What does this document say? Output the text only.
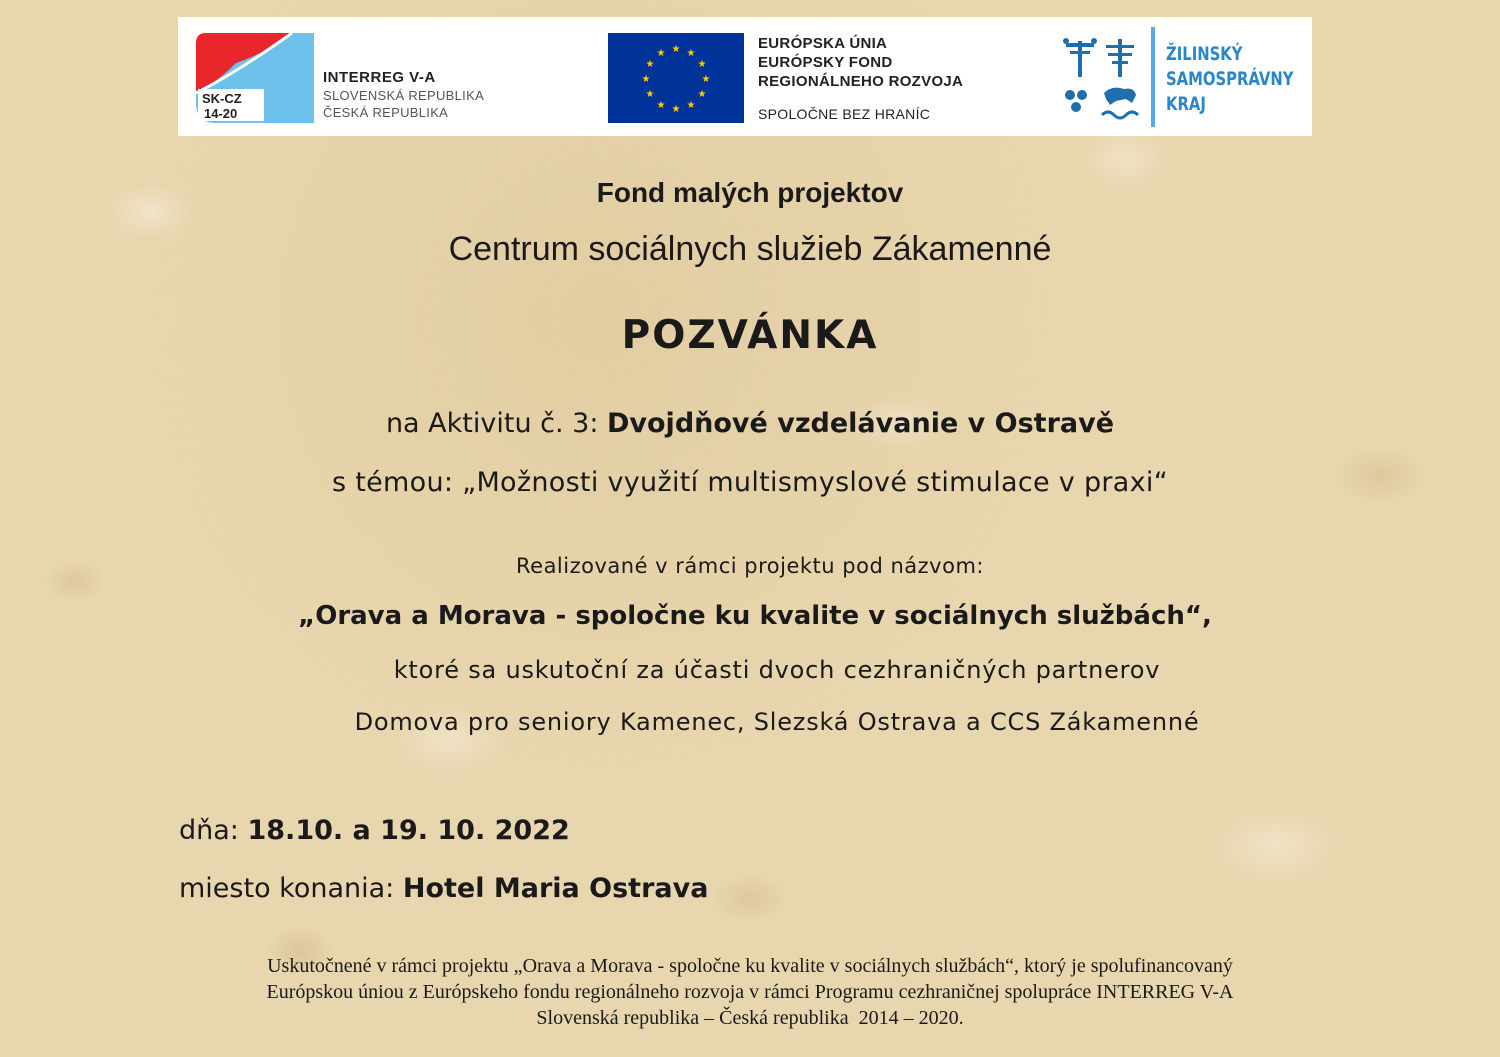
SK-CZ
14-20
INTERREG V-A
SLOVENSKÁ REPUBLIKA
ČESKÁ REPUBLIKA
★ ★
★
★
★
★
★
★
★
★
★
★
EURÓPSKA ÚNIA
EURÓPSKY FOND
REGIONÁLNEHO ROZVOJA
SPOLOČNE BEZ HRANÍC
ŽILINSKÝ
SAMOSPRÁVNY
KRAJ
Fond malých projektov
Centrum sociálnych služieb Zákamenné
POZVÁNKA
na Aktivitu č. 3: Dvojdňové vzdelávanie v Ostravě
s témou: „Možnosti využití multismyslové stimulace v praxi“
Realizované v rámci projektu pod názvom:
„Orava a Morava - spoločne ku kvalite v sociálnych službách“,
ktoré sa uskutoční za účasti dvoch cezhraničných partnerov
Domova pro seniory Kamenec, Slezská Ostrava a CCS Zákamenné
dňa: 18.10. a 19. 10. 2022
miesto konania: Hotel Maria Ostrava
Uskutočnené v rámci projektu „Orava a Morava - spoločne ku kvalite v sociálnych službách“, ktorý je spolufinancovaný
Európskou úniou z Európskeho fondu regionálneho rozvoja v rámci Programu cezhraničnej spolupráce INTERREG V-A
Slovenská republika – Česká republika  2014 – 2020.
